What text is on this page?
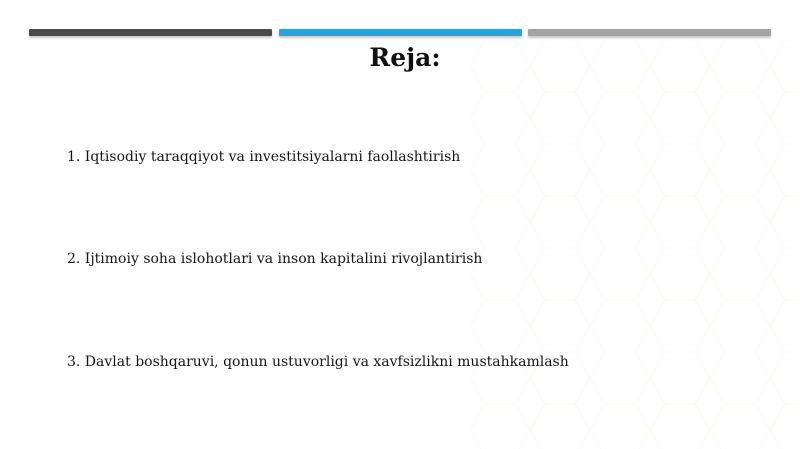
Reja:
1. Iqtisodiy taraqqiyot va investitsiyalarni faollashtirish
2. Ijtimoiy soha islohotlari va inson kapitalini rivojlantirish
3. Davlat boshqaruvi, qonun ustuvorligi va xavfsizlikni mustahkamlash
